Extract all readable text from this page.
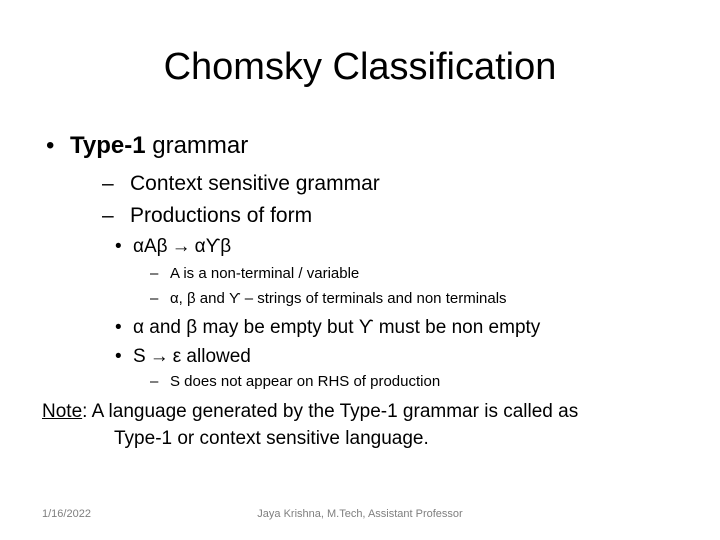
Chomsky Classification
• Type-1 grammar
– Context sensitive grammar
– Productions of form
• αAβ → αϒβ
– A is a non-terminal / variable
– α, β and ϒ – strings of terminals and non terminals
• α and β may be empty but ϒ must be non empty
• S → ε allowed
– S does not appear on RHS of production
Note: A language generated by the Type-1 grammar is called as
Type-1 or context sensitive language.
1/16/2022	Jaya Krishna, M.Tech, Assistant Professor
